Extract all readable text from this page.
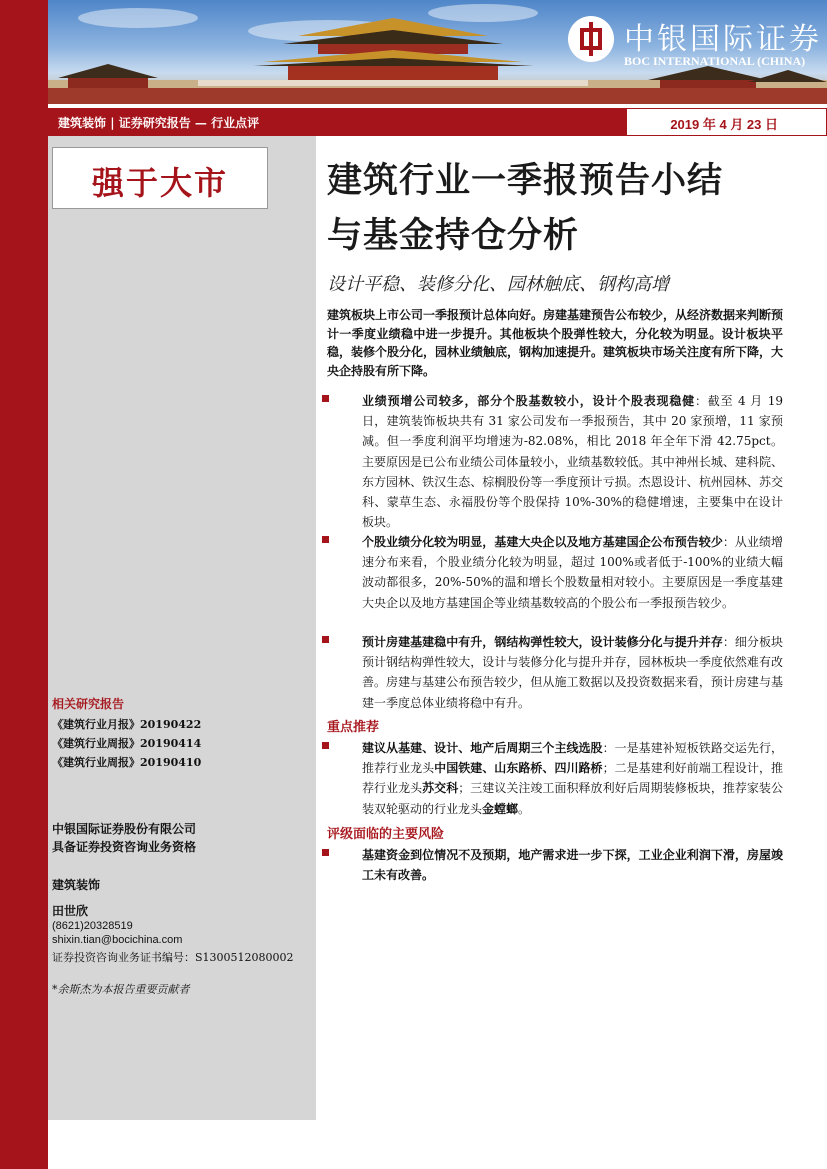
中银国际证券
BOC INTERNATIONAL (CHINA)
建筑装饰 | 证券研究报告 — 行业点评	2019 年 4 月 23 日
强于大市
相关研究报告
《建筑行业月报》20190422
《建筑行业周报》20190414
《建筑行业周报》20190410
中银国际证券股份有限公司
具备证券投资咨询业务资格
建筑装饰
田世欣
(8621)20328519
shixin.tian@bocichina.com
证券投资咨询业务证书编号：S1300512080002
*余斯杰为本报告重要贡献者
建筑行业一季报预告小结
与基金持仓分析
设计平稳、装修分化、园林触底、钢构高增
建筑板块上市公司一季报预计总体向好。房建基建预告公布较少，从经济数据来判断预计一季度业绩稳中进一步提升。其他板块个股弹性较大，分化较为明显。设计板块平稳，装修个股分化，园林业绩触底，钢构加速提升。建筑板块市场关注度有所下降，大央企持股有所下降。
业绩预增公司较多，部分个股基数较小，设计个股表现稳健：截至 4 月 19 日，建筑装饰板块共有 31 家公司发布一季报预告，其中 20 家预增，11 家预减。但一季度利润平均增速为-82.08%，相比 2018 年全年下滑 42.75pct。主要原因是已公布业绩公司体量较小，业绩基数较低。其中神州长城、建科院、东方园林、铁汉生态、棕榈股份等一季度预计亏损。杰恩设计、杭州园林、苏交科、蒙草生态、永福股份等个股保持 10%-30%的稳健增速，主要集中在设计板块。
个股业绩分化较为明显，基建大央企以及地方基建国企公布预告较少：从业绩增速分布来看，个股业绩分化较为明显，超过 100%或者低于-100%的业绩大幅波动都很多，20%-50%的温和增长个股数量相对较小。主要原因是一季度基建大央企以及地方基建国企等业绩基数较高的个股公布一季报预告较少。
预计房建基建稳中有升，钢结构弹性较大，设计装修分化与提升并存：细分板块预计钢结构弹性较大，设计与装修分化与提升并存，园林板块一季度依然难有改善。房建与基建公布预告较少，但从施工数据以及投资数据来看，预计房建与基建一季度总体业绩将稳中有升。
重点推荐
建议从基建、设计、地产后周期三个主线选股：一是基建补短板铁路交运先行，推荐行业龙头中国铁建、山东路桥、四川路桥；二是基建利好前端工程设计，推荐行业龙头苏交科；三建议关注竣工面积释放利好后周期装修板块，推荐家装公装双轮驱动的行业龙头金螳螂。
评级面临的主要风险
基建资金到位情况不及预期，地产需求进一步下探，工业企业利润下滑，房屋竣工未有改善。
